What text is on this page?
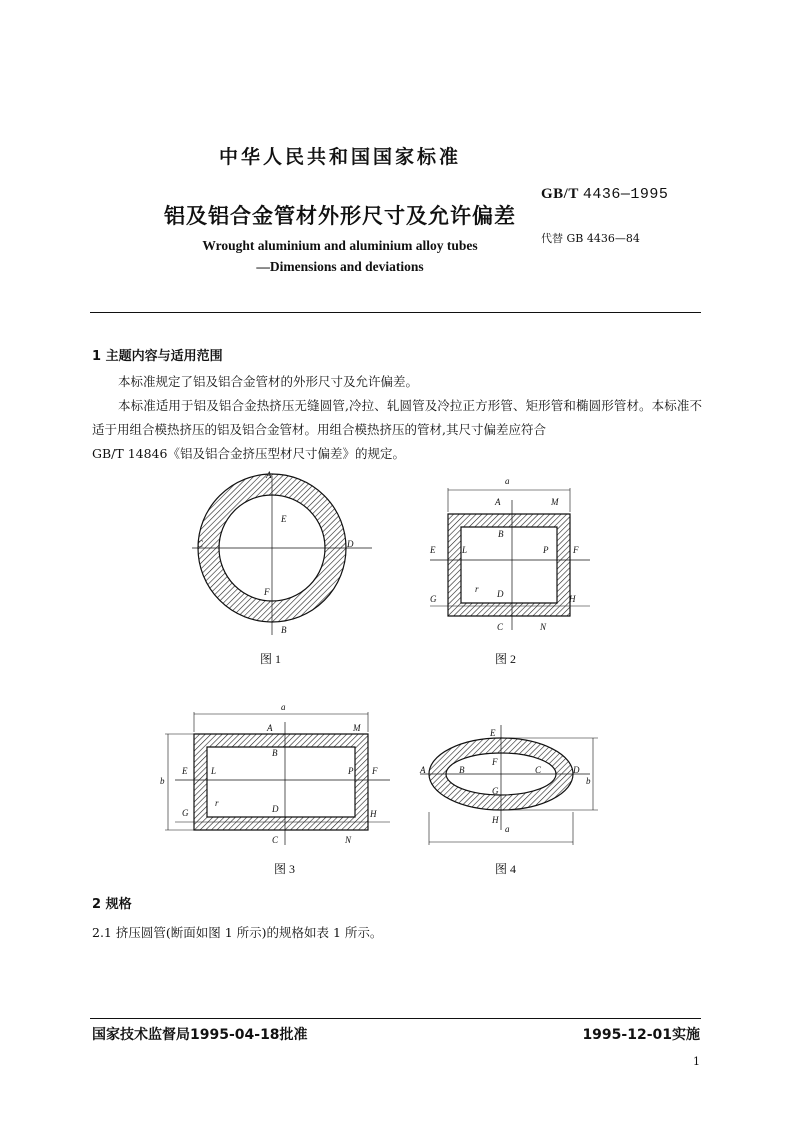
中华人民共和国国家标准
GB/T 4436—1995
铝及铝合金管材外形尺寸及允许偏差
代替 GB 4436—84
Wrought aluminium and aluminium alloy tubes
—Dimensions and deviations
1 主题内容与适用范围

本标准规定了铝及铝合金管材的外形尺寸及允许偏差。

本标准适用于铝及铝合金热挤压无缝圆管,冷拉、轧圆管及冷拉正方形管、矩形管和椭圆形管材。本标准不适于用组合模热挤压的铝及铝合金管材。用组合模热挤压的管材,其尺寸偏差应符合

GB/T 14846《铝及铝合金挤压型材尺寸偏差》的规定。

A
E
C	D
F
B
图 1
a
A	M
B
E	L	P	F
r D
G	H
C	N
图 2
a
A	M
B
b
E	L	P F
r
D
G	H
C	N
图 3
E
F
A	B	C	D
b
G
H
a
图 4
2 规格
2.1 挤压圆管(断面如图 1 所示)的规格如表 1 所示。
国家技术监督局1995-04-18批准	1995-12-01实施
1
